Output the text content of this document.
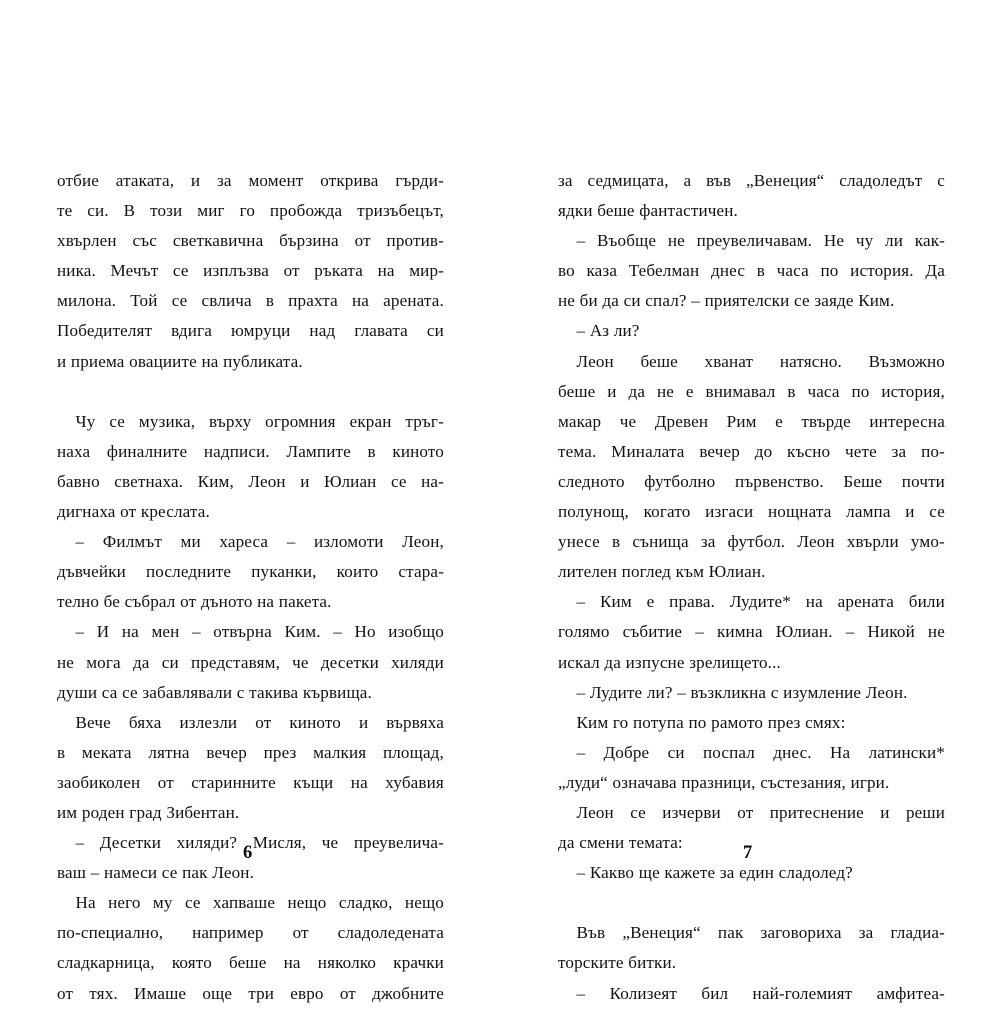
отбие атаката, и за момент открива гърди-
те си. В този миг го пробожда тризъбецът,
хвърлен със светкавична бързина от против-
ника. Мечът се изплъзва от ръката на мир-
милона. Той се свлича в прахта на арената.
Победителят вдига юмруци над главата си
и приема овациите на публиката.
Чу се музика, върху огромния екран тръг-
наха финалните надписи. Лампите в киното
бавно светнаха. Ким, Леон и Юлиан се на-
дигнаха от креслата.
– Филмът ми хареса – изломоти Леон,
дъвчейки последните пуканки, които стара-
телно бе събрал от дъното на пакета.
– И на мен – отвърна Ким. – Но изобщо
не мога да си представям, че десетки хиляди
души са се забавлявали с такива кървища.
Вече бяха излезли от киното и вървяха
в меката лятна вечер през малкия площад,
заобиколен от старинните къщи на хубавия
им роден град Зибентан.
– Десетки хиляди? Мисля, че преувелича-
ваш – намеси се пак Леон.
На него му се хапваше нещо сладко, нещо
по-специално, например от сладоледената
сладкарница, която беше на няколко крачки
от тях. Имаше още три евро от джобните
6
за седмицата, а във „Венеция“ сладоледът с
ядки беше фантастичен.
– Въобще не преувеличавам. Не чу ли как-
во каза Тебелман днес в часа по история. Да
не би да си спал? – приятелски се заяде Ким.
– Аз ли?
Леон беше хванат натясно. Възможно
беше и да не е внимавал в часа по история,
макар че Древен Рим е твърде интересна
тема. Миналата вечер до късно чете за по-
следното футболно първенство. Беше почти
полунощ, когато изгаси нощната лампа и се
унесе в сънища за футбол. Леон хвърли умо-
лителен поглед към Юлиан.
– Ким е права. Лудите* на арената били
голямо събитие – кимна Юлиан. – Никой не
искал да изпусне зрелището...
– Лудите ли? – възкликна с изумление Леон.
Ким го потупа по рамото през смях:
– Добре си поспал днес. На латински*
„луди“ означава празници, състезания, игри.
Леон се изчерви от притеснение и реши
да смени темата:
– Какво ще кажете за един сладолед?
Във „Венеция“ пак заговориха за гладиа-
торските битки.
– Колизеят бил най-големият амфитеа-
7
